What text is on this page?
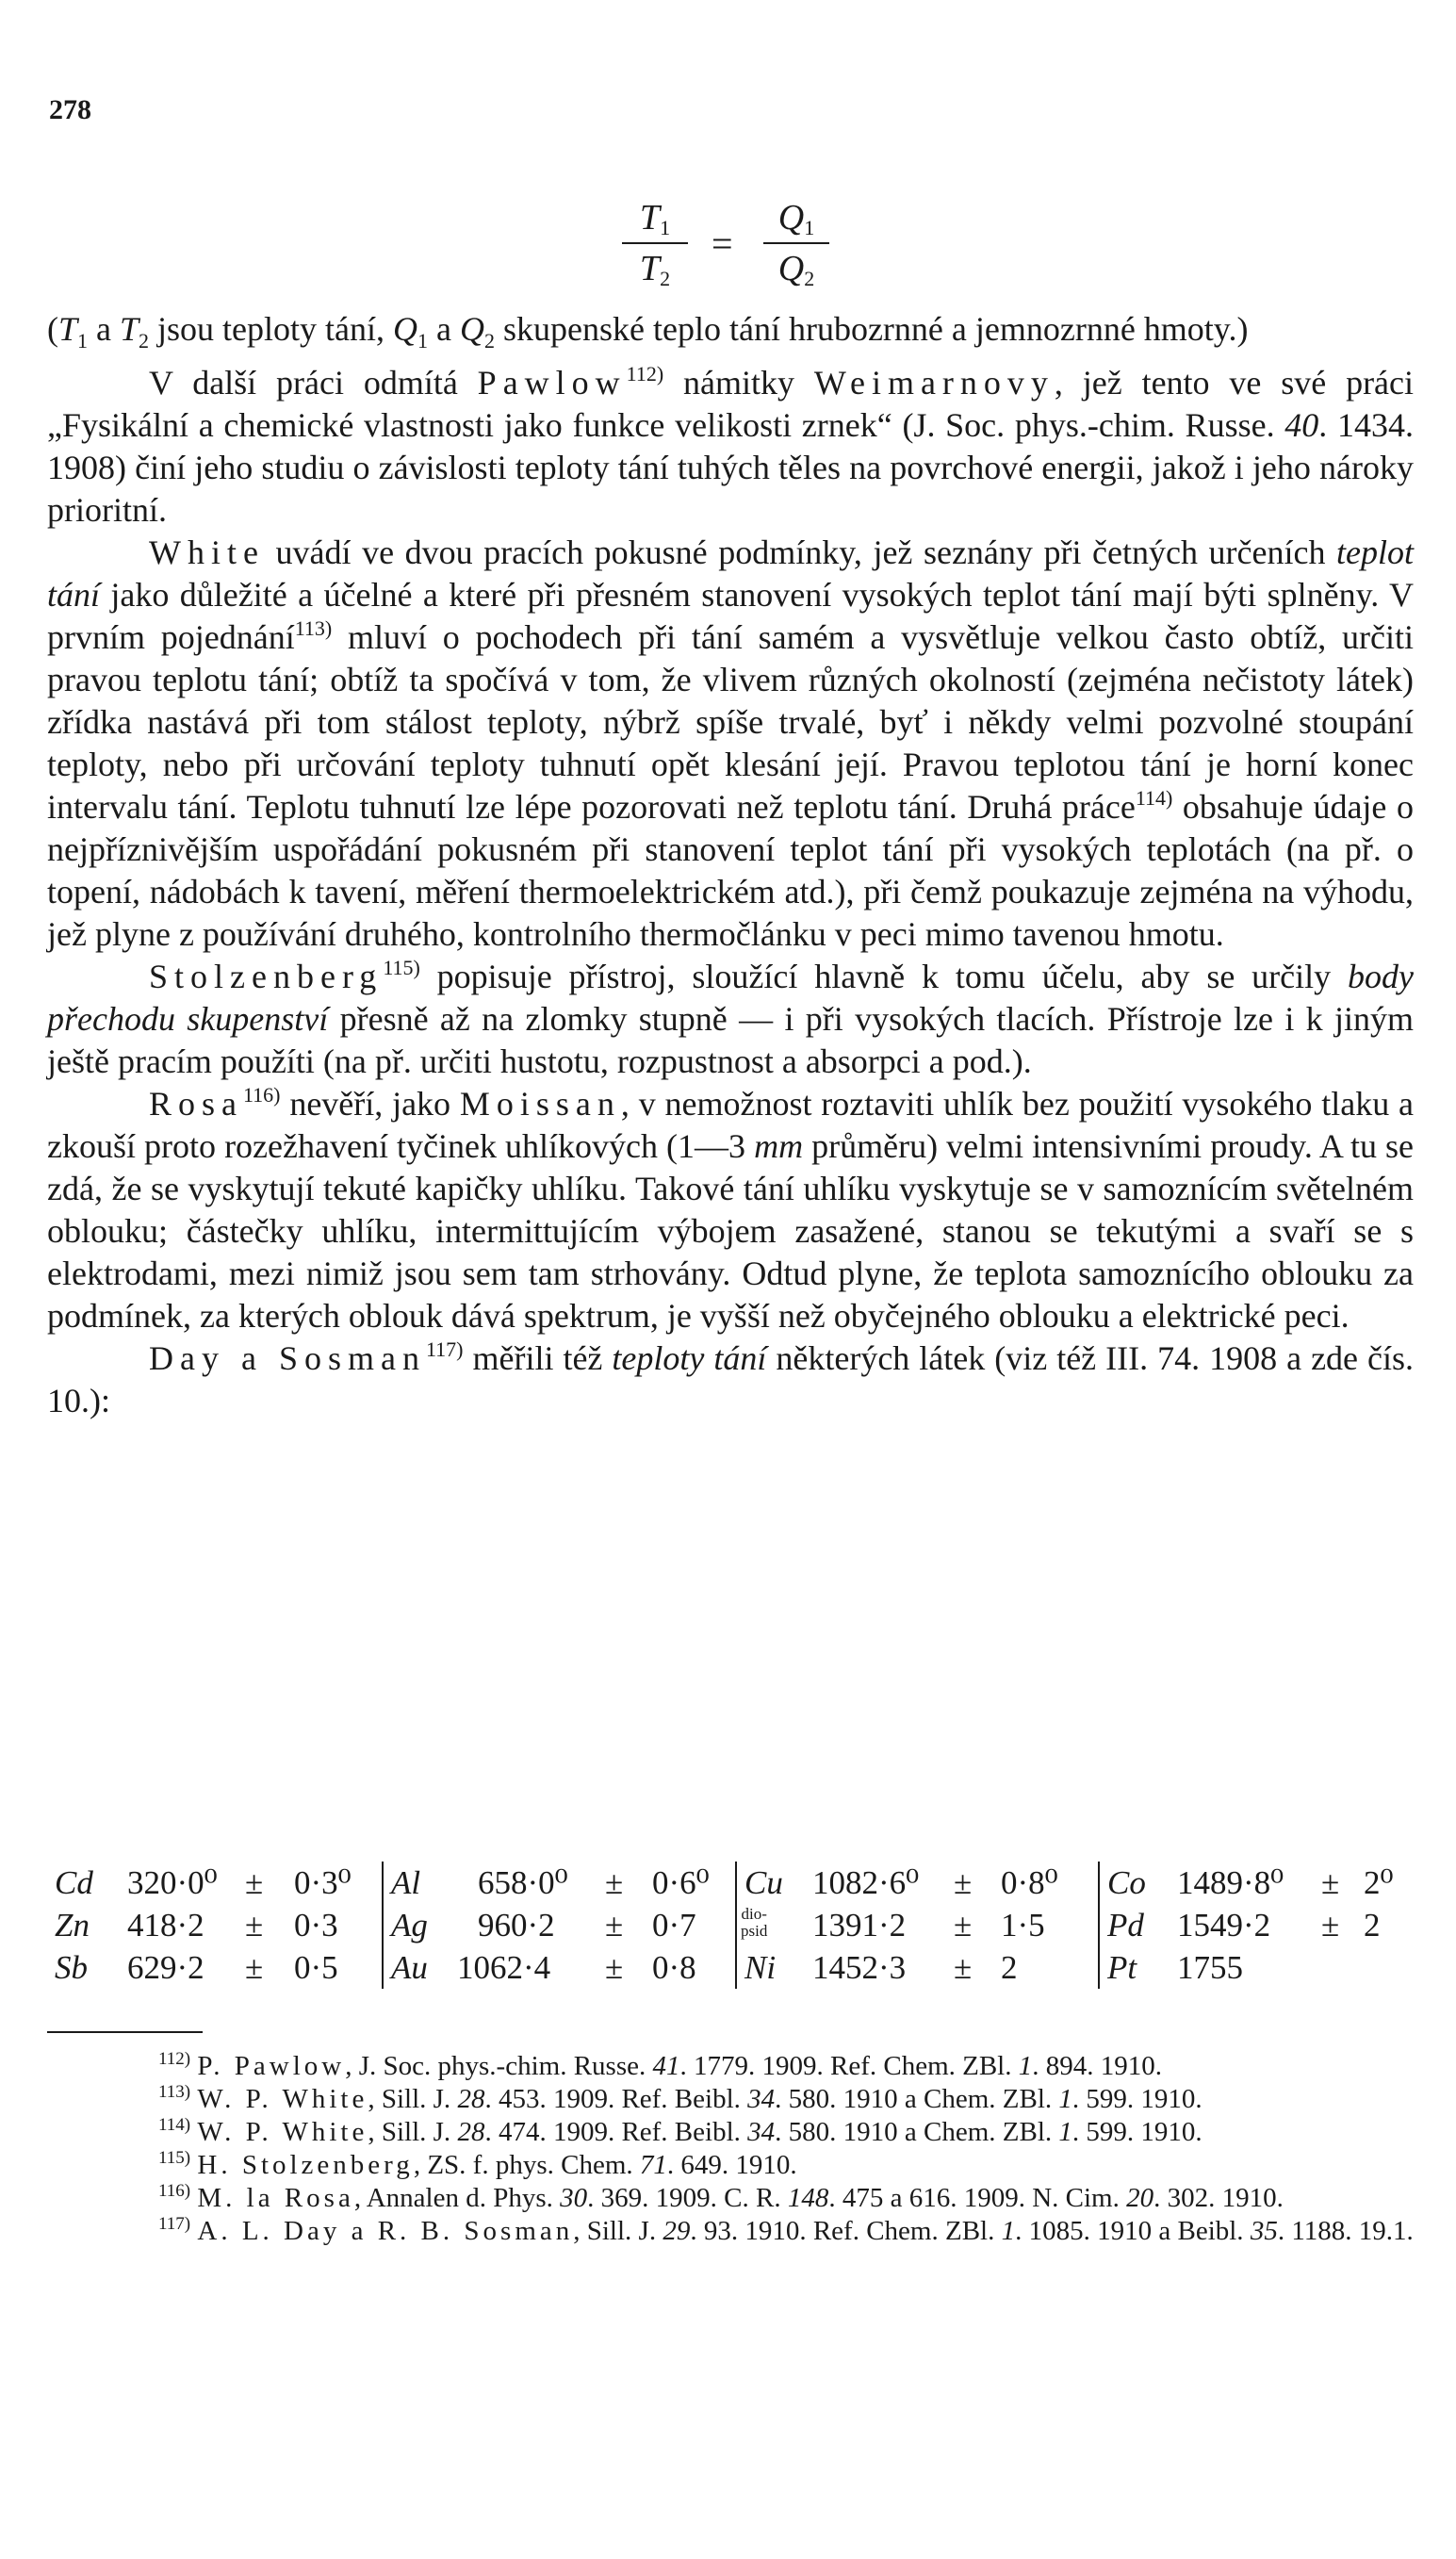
278
$T_1$
$T_2$
=
$Q_1$
$Q_2$

($T_1$ a $T_2$ jsou teploty tání, $Q_1$ a $Q_2$ skupenské teplo tání hrubozrnné a jemnozrnné hmoty.)

V další práci odmítá Pawlow$^{112)}$ námitky Weimarnovy, jež tento ve své práci „Fysikální a chemické vlastnosti jako funkce velikosti zrnek“ (J. Soc. phys.-chim. Russe. 40. 1434. 1908) činí jeho studiu o závislosti teploty tání tuhých těles na povrchové energii, jakož i jeho nároky prioritní.

White uvádí ve dvou pracích pokusné podmínky, jež seznány při četných určeních teplot tání jako důležité a účelné a které při přesném stanovení vysokých teplot tání mají býti splněny. V prvním pojednání$^{113)}$ mluví o pochodech při tání samém a vysvětluje velkou často obtíž, určiti pravou teplotu tání; obtíž ta spočívá v tom, že vlivem různých okolností (zejména nečistoty látek) zřídka nastává při tom stálost teploty, nýbrž spíše trvalé, byť i někdy velmi pozvolné stoupání teploty, nebo při určování teploty tuhnutí opět klesání její. Pravou teplotou tání je horní konec intervalu tání. Teplotu tuhnutí lze lépe pozorovati než teplotu tání. Druhá práce$^{114)}$ obsahuje údaje o nejpříznivějším uspořádání pokusném při stanovení teplot tání při vysokých teplotách (na př. o topení, nádobách k tavení, měření thermoelektrickém atd.), při čemž poukazuje zejména na výhodu, jež plyne z používání druhého, kontrolního thermočlánku v peci mimo tavenou hmotu.

Stolzenberg$^{115)}$ popisuje přístroj, sloužící hlavně k tomu účelu, aby se určily body přechodu skupenství přesně až na zlomky stupně — i při vysokých tlacích. Přístroje lze i k jiným ještě pracím použíti (na př. určiti hustotu, rozpustnost a absorpci a pod.).

Rosa$^{116)}$ nevěří, jako Moissan, v nemožnost roztaviti uhlík bez použití vysokého tlaku a zkouší proto rozežhavení tyčinek uhlíkových (1—3 mm průměru) velmi intensivními proudy. A tu se zdá, že se vyskytují tekuté kapičky uhlíku. Takové tání uhlíku vyskytuje se v samoznícím světelném oblouku; částečky uhlíku, intermittujícím výbojem zasažené, stanou se tekutými a svaří se s elektrodami, mezi nimiž jsou sem tam strhovány. Odtud plyne, že teplota samoznícího oblouku za podmínek, za kterých oblouk dává spektrum, je vyšší než obyčejného oblouku a elektrické peci.

Day a Sosman$^{117)}$ měřili též teploty tání některých látek (viz též III. 74. 1908 a zde čís. 10.):

Cd 320·0⁰ ± 0·3⁰
Zn 418·2 ± 0·3
Sb 629·2 ± 0·5
Al 658·0⁰ ± 0·6⁰
Ag 960·2 ± 0·7
Au 1062·4 ± 0·8
Cu 1082·6⁰ ± 0·8⁰
dio-
psid 1391·2 ± 1·5
Ni 1452·3 ± 2
Co 1489·8⁰ ± 2⁰
Pd 1549·2 ± 2
Pt 1755

$^{112)}$ P. Pawlow, J. Soc. phys.-chim. Russe. 41. 1779. 1909. Ref. Chem. ZBl. 1. 894. 1910.

$^{113)}$ W. P. White, Sill. J. 28. 453. 1909. Ref. Beibl. 34. 580. 1910 a Chem. ZBl. 1. 599. 1910.

$^{114)}$ W. P. White, Sill. J. 28. 474. 1909. Ref. Beibl. 34. 580. 1910 a Chem. ZBl. 1. 599. 1910.

$^{115)}$ H. Stolzenberg, ZS. f. phys. Chem. 71. 649. 1910.

$^{116)}$ M. la Rosa, Annalen d. Phys. 30. 369. 1909. C. R. 148. 475 a 616. 1909. N. Cim. 20. 302. 1910.

$^{117)}$ A. L. Day a R. B. Sosman, Sill. J. 29. 93. 1910. Ref. Chem. ZBl. 1. 1085. 1910 a Beibl. 35. 1188. 19.1.
